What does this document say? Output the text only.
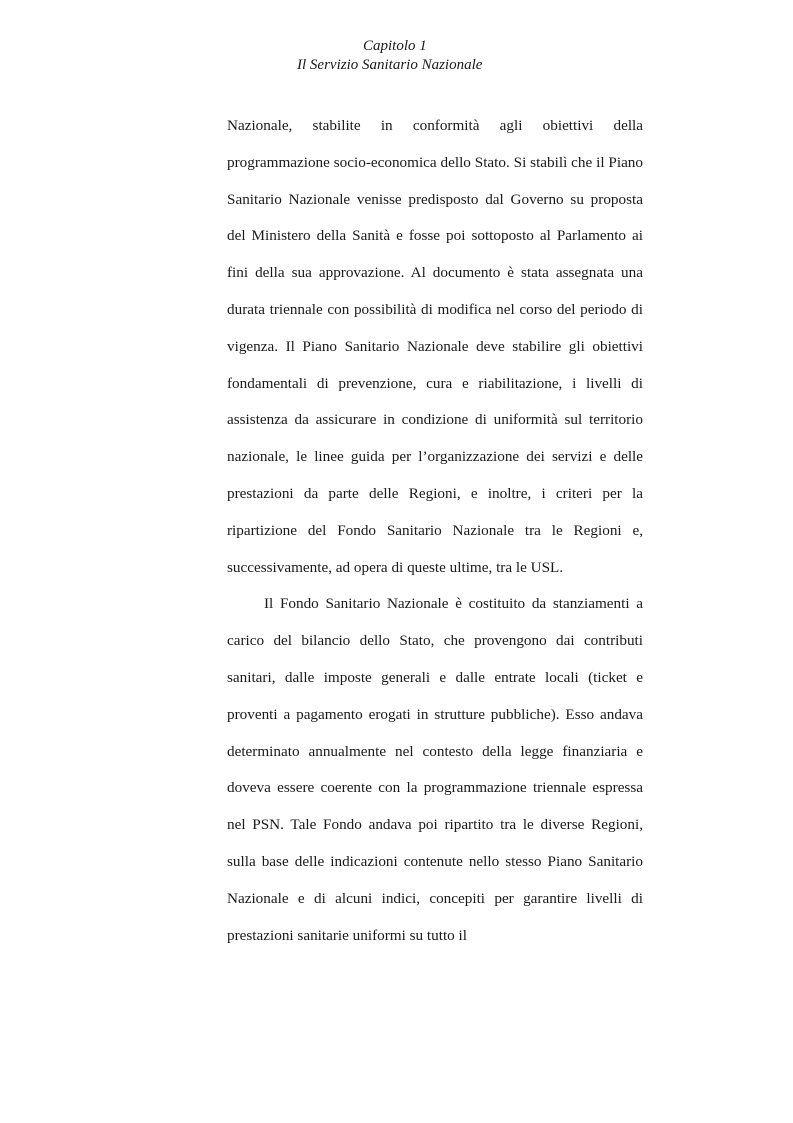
Capitolo 1
Il Servizio Sanitario Nazionale

Nazionale, stabilite in conformità agli obiettivi della programmazione socio-economica dello Stato. Si stabilì che il Piano Sanitario Nazionale venisse predisposto dal Governo su proposta del Ministero della Sanità e fosse poi sottoposto al Parlamento ai fini della sua approvazione. Al documento è stata assegnata una durata triennale con possibilità di modifica nel corso del periodo di vigenza. Il Piano Sanitario Nazionale deve stabilire gli obiettivi fondamentali di prevenzione, cura e riabilitazione, i livelli di assistenza da assicurare in condizione di uniformità sul territorio nazionale, le linee guida per l’organizzazione dei servizi e delle prestazioni da parte delle Regioni, e inoltre, i criteri per la ripartizione del Fondo Sanitario Nazionale tra le Regioni e, successivamente, ad opera di queste ultime, tra le USL.

Il Fondo Sanitario Nazionale è costituito da stanziamenti a carico del bilancio dello Stato, che provengono dai contributi sanitari, dalle imposte generali e dalle entrate locali (ticket e proventi a pagamento erogati in strutture pubbliche). Esso andava determinato annualmente nel contesto della legge finanziaria e doveva essere coerente con la programmazione triennale espressa nel PSN. Tale Fondo andava poi ripartito tra le diverse Regioni, sulla base delle indicazioni contenute nello stesso Piano Sanitario Nazionale e di alcuni indici, concepiti per garantire livelli di prestazioni sanitarie uniformi su tutto il
